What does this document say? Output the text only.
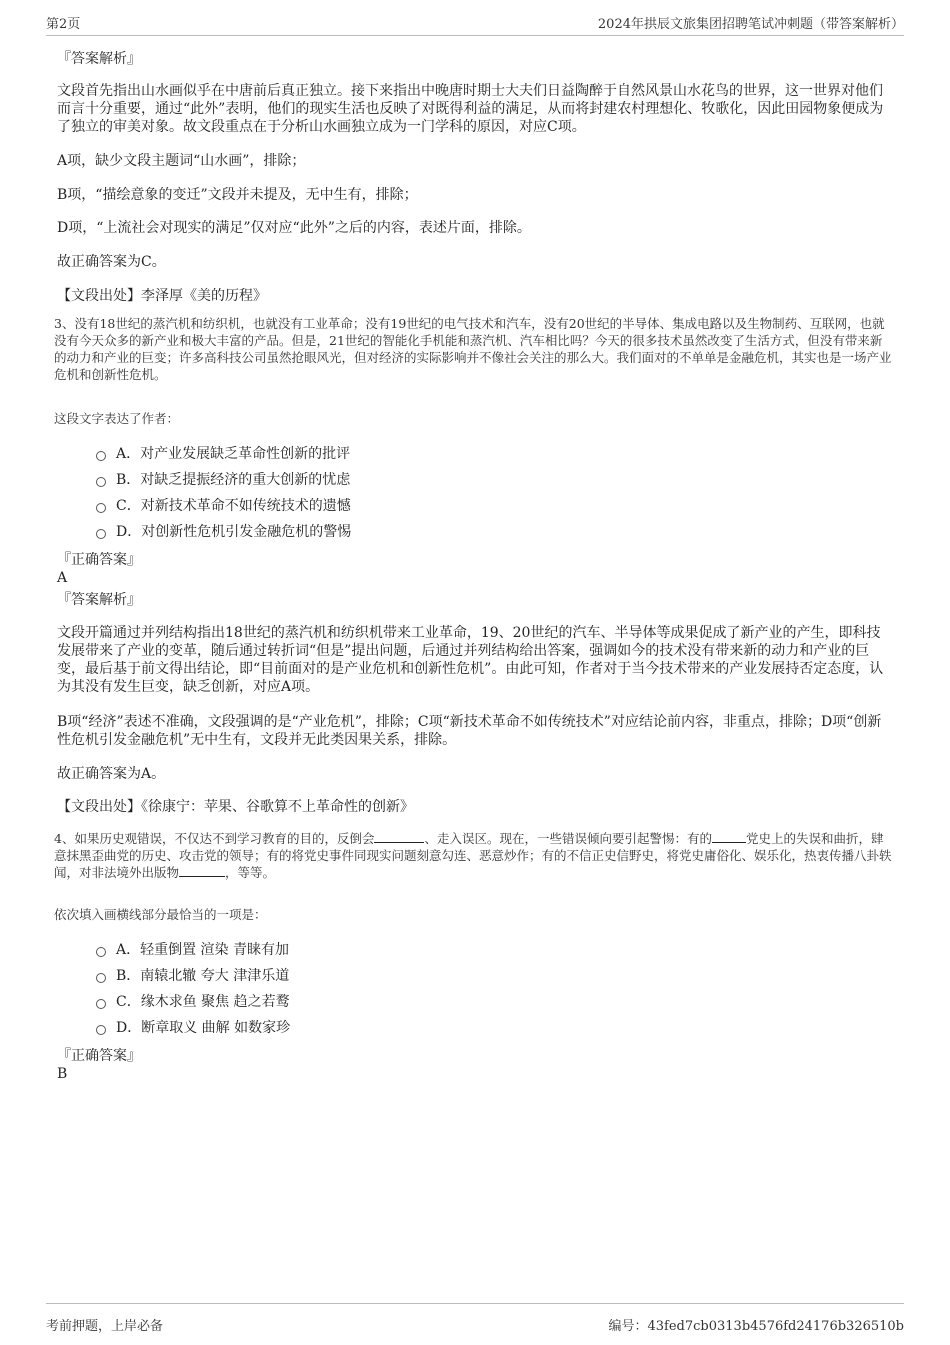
第2页	2024年拱辰文旅集团招聘笔试冲刺题（带答案解析）
『答案解析』
文段首先指出山水画似乎在中唐前后真正独立。接下来指出中晚唐时期士大夫们日益陶醉于自然风景山水花鸟的世界，这一世界对他们而言十分重要，通过“此外”表明，他们的现实生活也反映了对既得利益的满足，从而将封建农村理想化、牧歌化，因此田园物象便成为了独立的审美对象。故文段重点在于分析山水画独立成为一门学科的原因，对应C项。
A项，缺少文段主题词“山水画”，排除；
B项，“描绘意象的变迁”文段并未提及，无中生有，排除；
D项，“上流社会对现实的满足”仅对应“此外”之后的内容，表述片面，排除。
故正确答案为C。
【文段出处】李泽厚《美的历程》
3、没有18世纪的蒸汽机和纺织机，也就没有工业革命；没有19世纪的电气技术和汽车，没有20世纪的半导体、集成电路以及生物制药、互联网，也就没有今天众多的新产业和极大丰富的产品。但是，21世纪的智能化手机能和蒸汽机、汽车相比吗？今天的很多技术虽然改变了生活方式，但没有带来新的动力和产业的巨变；许多高科技公司虽然抢眼风光，但对经济的实际影响并不像社会关注的那么大。我们面对的不单单是金融危机，其实也是一场产业危机和创新性危机。
这段文字表达了作者：
A．对产业发展缺乏革命性创新的批评
B．对缺乏提振经济的重大创新的忧虑
C．对新技术革命不如传统技术的遗憾
D．对创新性危机引发金融危机的警惕
『正确答案』
A
『答案解析』
文段开篇通过并列结构指出18世纪的蒸汽机和纺织机带来工业革命，19、20世纪的汽车、半导体等成果促成了新产业的产生，即科技发展带来了产业的变革，随后通过转折词“但是”提出问题，后通过并列结构给出答案，强调如今的技术没有带来新的动力和产业的巨变，最后基于前文得出结论，即“目前面对的是产业危机和创新性危机”。由此可知，作者对于当今技术带来的产业发展持否定态度，认为其没有发生巨变，缺乏创新，对应A项。
B项“经济”表述不准确，文段强调的是“产业危机”，排除；C项“新技术革命不如传统技术”对应结论前内容，非重点，排除；D项“创新性危机引发金融危机”无中生有，文段并无此类因果关系，排除。
故正确答案为A。
【文段出处】《徐康宁：苹果、谷歌算不上革命性的创新》
4、如果历史观错误，不仅达不到学习教育的目的，反倒会	、走入误区。现在，一些错误倾向要引起警惕：有的	党史上的失误和曲折，肆意抹黑歪曲党的历史、攻击党的领导；有的将党史事件同现实问题刻意勾连、恶意炒作；有的不信正史信野史，将党史庸俗化、娱乐化，热衷传播八卦轶闻，对非法境外出版物	，等等。
依次填入画横线部分最恰当的一项是：
A．轻重倒置 渲染 青睐有加
B．南辕北辙 夸大 津津乐道
C．缘木求鱼 聚焦 趋之若鹜
D．断章取义 曲解 如数家珍
『正确答案』
B
考前押题，上岸必备	编号：43fed7cb0313b4576fd24176b326510b
